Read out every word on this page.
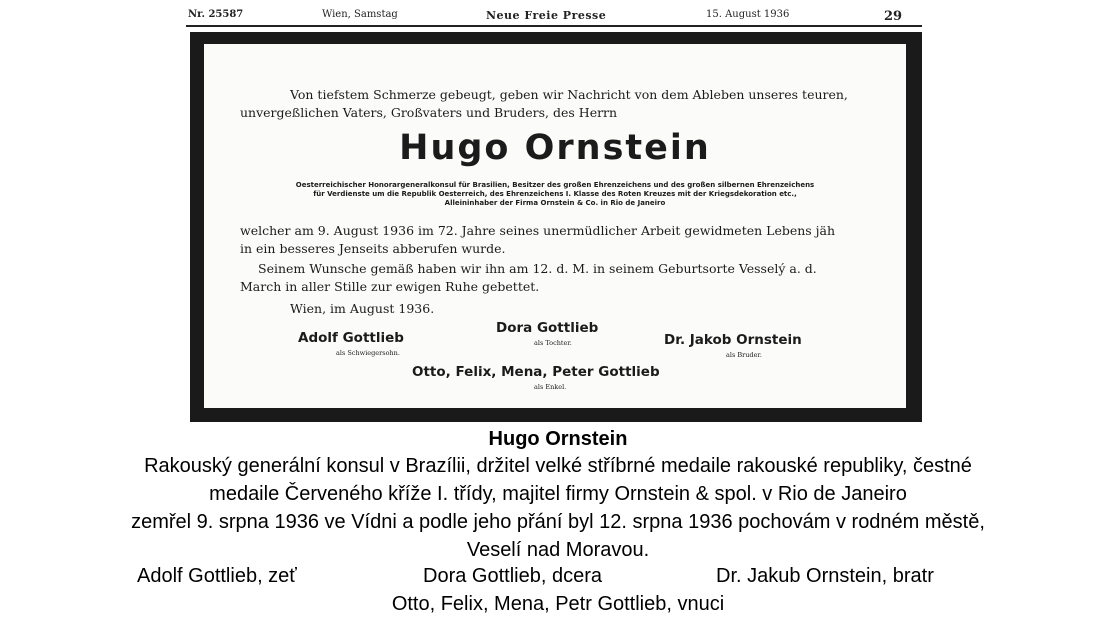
Nr. 25587	Wien, Samstag	Neue Freie Presse	15. August 1936	29
Von tiefstem Schmerze gebeugt, geben wir Nachricht von dem Ableben unseres teuren,
unvergeßlichen Vaters, Großvaters und Bruders, des Herrn
Hugo Ornstein
Oesterreichischer Honorargeneralkonsul für Brasilien, Besitzer des großen Ehrenzeichens und des großen silbernen Ehrenzeichens
für Verdienste um die Republik Oesterreich, des Ehrenzeichens I. Klasse des Roten Kreuzes mit der Kriegsdekoration etc.,
Alleininhaber der Firma Ornstein & Co. in Rio de Janeiro
welcher am 9. August 1936 im 72. Jahre seines unermüdlicher Arbeit gewidmeten Lebens jäh
in ein besseres Jenseits abberufen wurde.
Seinem Wunsche gemäß haben wir ihn am 12. d. M. in seinem Geburtsorte Vesselý a. d.
March in aller Stille zur ewigen Ruhe gebettet.
Wien, im August 1936.
Adolf Gottlieb
als Schwiegersohn.
Dora Gottlieb
als Tochter.	Dr. Jakob Ornstein
als Bruder.
Otto, Felix, Mena, Peter Gottlieb
als Enkel.
Hugo Ornstein
Rakouský generální konsul v Brazílii, držitel velké stříbrné medaile rakouské republiky, čestné
medaile Červeného kříže I. třídy, majitel firmy Ornstein & spol. v Rio de Janeiro
zemřel 9. srpna 1936 ve Vídni a podle jeho přání byl 12. srpna 1936 pochovám v rodném městě,
Veselí nad Moravou.
Adolf Gottlieb, zeť	Dora Gottlieb, dcera	Dr. Jakub Ornstein, bratr
Otto, Felix, Mena, Petr Gottlieb, vnuci
